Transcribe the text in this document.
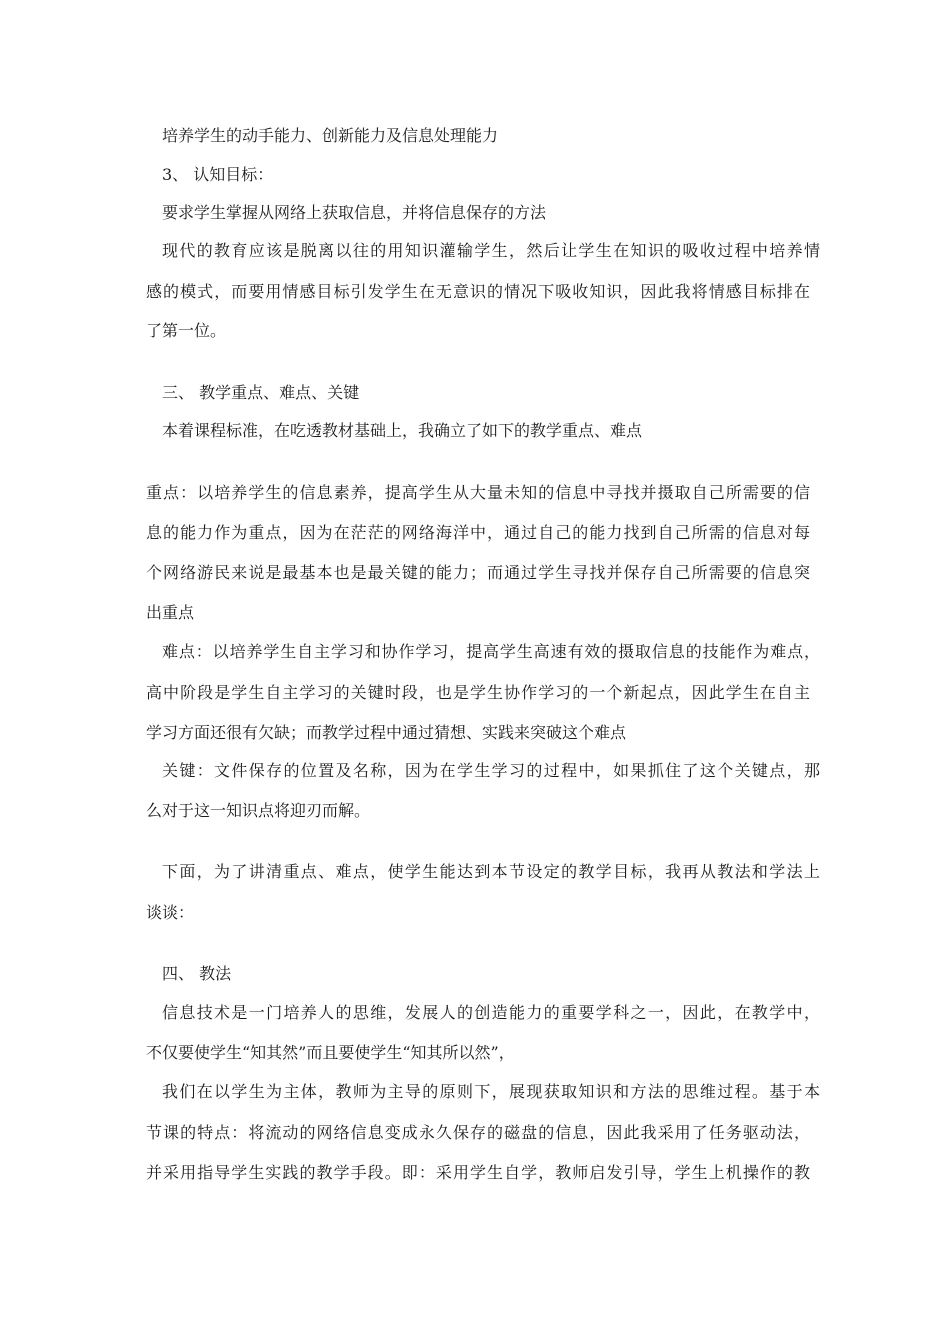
培养学生的动手能力、创新能力及信息处理能力
3、 认知目标：
要求学生掌握从网络上获取信息，并将信息保存的方法
现代的教育应该是脱离以往的用知识灌输学生，然后让学生在知识的吸收过程中培养情
感的模式，而要用情感目标引发学生在无意识的情况下吸收知识，因此我将情感目标排在
了第一位。
三、 教学重点、难点、关键
本着课程标准，在吃透教材基础上，我确立了如下的教学重点、难点
重点：以培养学生的信息素养，提高学生从大量未知的信息中寻找并摄取自己所需要的信
息的能力作为重点，因为在茫茫的网络海洋中，通过自己的能力找到自己所需的信息对每
个网络游民来说是最基本也是最关键的能力；而通过学生寻找并保存自己所需要的信息突
出重点
难点：以培养学生自主学习和协作学习，提高学生高速有效的摄取信息的技能作为难点，
高中阶段是学生自主学习的关键时段，也是学生协作学习的一个新起点，因此学生在自主
学习方面还很有欠缺；而教学过程中通过猜想、实践来突破这个难点
关键：文件保存的位置及名称，因为在学生学习的过程中，如果抓住了这个关键点，那
么对于这一知识点将迎刃而解。
下面，为了讲清重点、难点，使学生能达到本节设定的教学目标，我再从教法和学法上
谈谈：
四、 教法
信息技术是一门培养人的思维，发展人的创造能力的重要学科之一，因此，在教学中，
不仅要使学生“知其然”而且要使学生“知其所以然”，
我们在以学生为主体，教师为主导的原则下，展现获取知识和方法的思维过程。基于本
节课的特点：将流动的网络信息变成永久保存的磁盘的信息，因此我采用了任务驱动法，
并采用指导学生实践的教学手段。即：采用学生自学，教师启发引导，学生上机操作的教
